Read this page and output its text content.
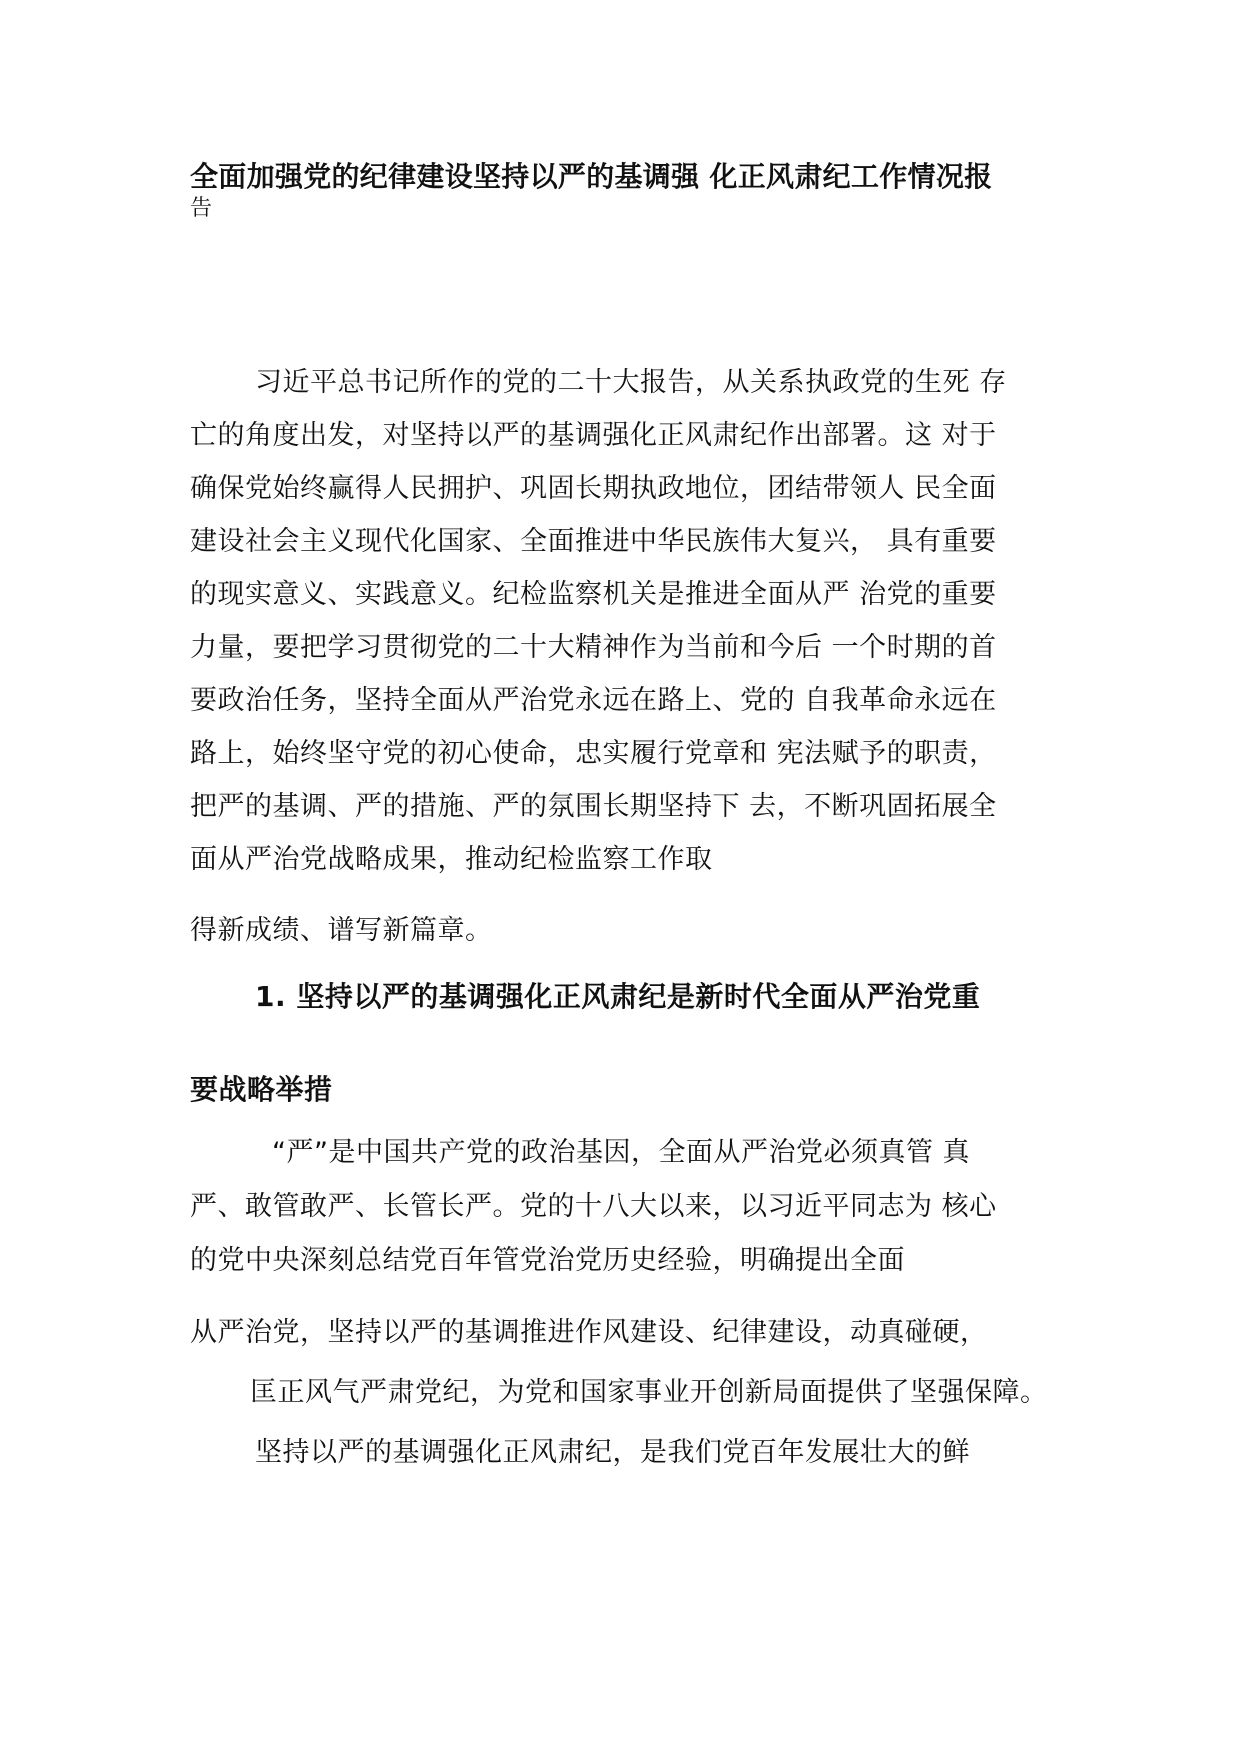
全面加强党的纪律建设坚持以严的基调强 化正风肃纪工作情况报
告
习近平总书记所作的党的二十大报告，从关系执政党的生死 存
亡的角度出发，对坚持以严的基调强化正风肃纪作出部署。这 对于
确保党始终赢得人民拥护、巩固长期执政地位，团结带领人 民全面
建设社会主义现代化国家、全面推进中华民族伟大复兴， 具有重要
的现实意义、实践意义。纪检监察机关是推进全面从严 治党的重要
力量，要把学习贯彻党的二十大精神作为当前和今后 一个时期的首
要政治任务，坚持全面从严治党永远在路上、党的 自我革命永远在
路上，始终坚守党的初心使命，忠实履行党章和 宪法赋予的职责，
把严的基调、严的措施、严的氛围长期坚持下 去，不断巩固拓展全
面从严治党战略成果，推动纪检监察工作取
得新成绩、谱写新篇章。
1. 坚持以严的基调强化正风肃纪是新时代全面从严治党重
要战略举措
“严”是中国共产党的政治基因，全面从严治党必须真管 真
严、敢管敢严、长管长严。党的十八大以来，以习近平同志为 核心
的党中央深刻总结党百年管党治党历史经验，明确提出全面
从严治党，坚持以严的基调推进作风建设、纪律建设，动真碰硬，
匡正风气严肃党纪，为党和国家事业开创新局面提供了坚强保障。
坚持以严的基调强化正风肃纪，是我们党百年发展壮大的鲜
